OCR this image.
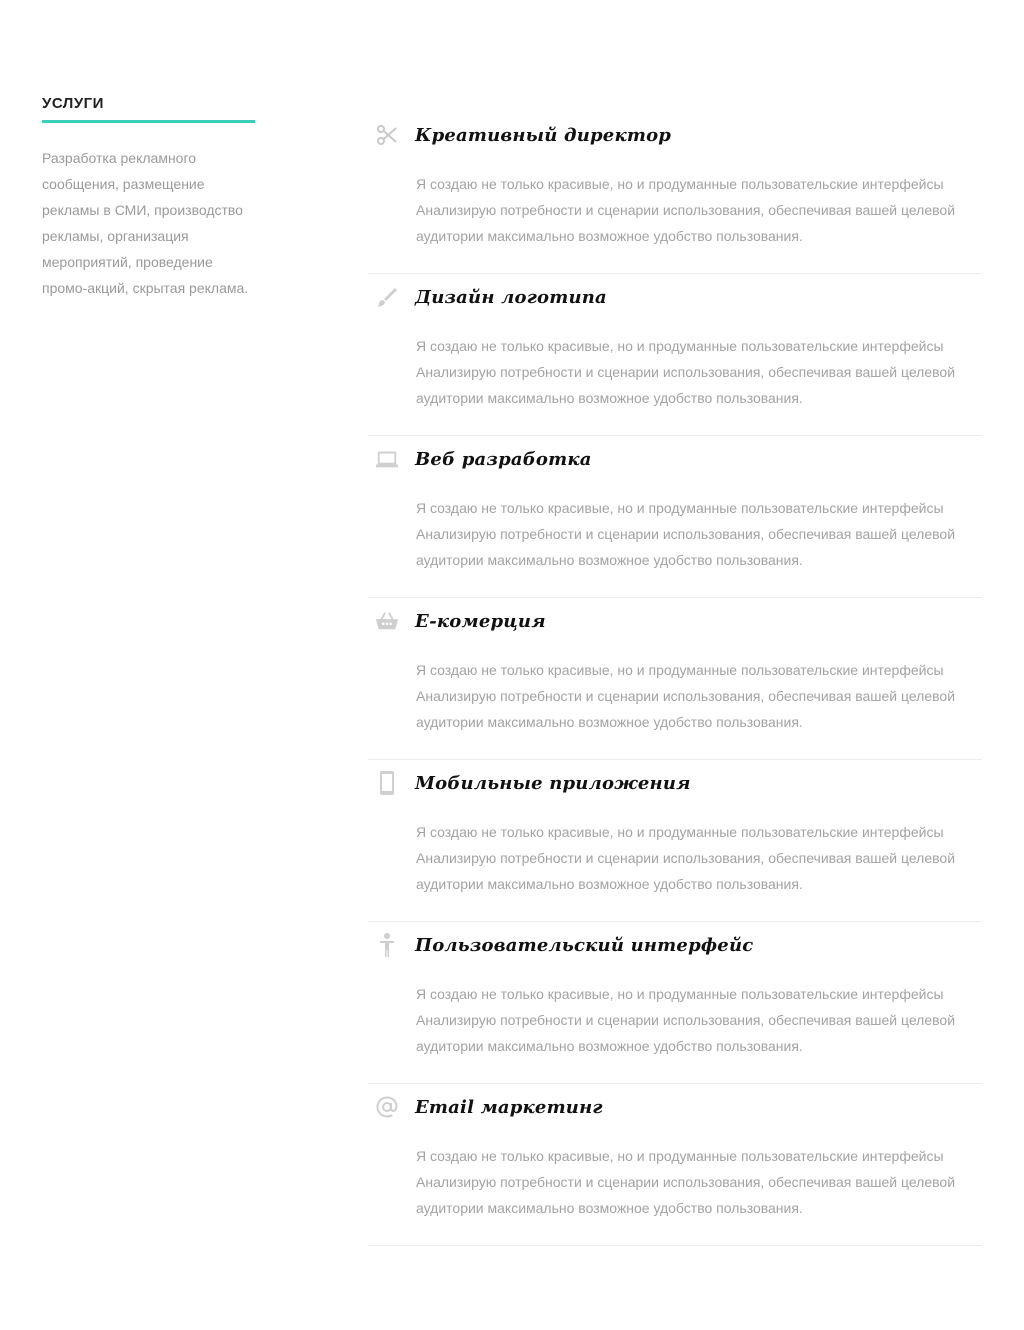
УСЛУГИ

Разработка рекламного сообщения, размещение рекламы в СМИ, производство рекламы, организация мероприятий, проведение промо-акций, скрытая реклама.

Креативный директор

Я создаю не только красивые, но и продуманные пользовательские интерфейсы Анализирую потребности и сценарии использования, обеспечивая вашей целевой аудитории максимально возможное удобство пользования.

Дизайн логотипа

Я создаю не только красивые, но и продуманные пользовательские интерфейсы Анализирую потребности и сценарии использования, обеспечивая вашей целевой аудитории максимально возможное удобство пользования.

Веб разработка

Я создаю не только красивые, но и продуманные пользовательские интерфейсы Анализирую потребности и сценарии использования, обеспечивая вашей целевой аудитории максимально возможное удобство пользования.

E-комерция

Я создаю не только красивые, но и продуманные пользовательские интерфейсы Анализирую потребности и сценарии использования, обеспечивая вашей целевой аудитории максимально возможное удобство пользования.

Мобильные приложения

Я создаю не только красивые, но и продуманные пользовательские интерфейсы Анализирую потребности и сценарии использования, обеспечивая вашей целевой аудитории максимально возможное удобство пользования.

Пользовательский интерфейс

Я создаю не только красивые, но и продуманные пользовательские интерфейсы Анализирую потребности и сценарии использования, обеспечивая вашей целевой аудитории максимально возможное удобство пользования.

Email маркетинг

Я создаю не только красивые, но и продуманные пользовательские интерфейсы Анализирую потребности и сценарии использования, обеспечивая вашей целевой аудитории максимально возможное удобство пользования.
